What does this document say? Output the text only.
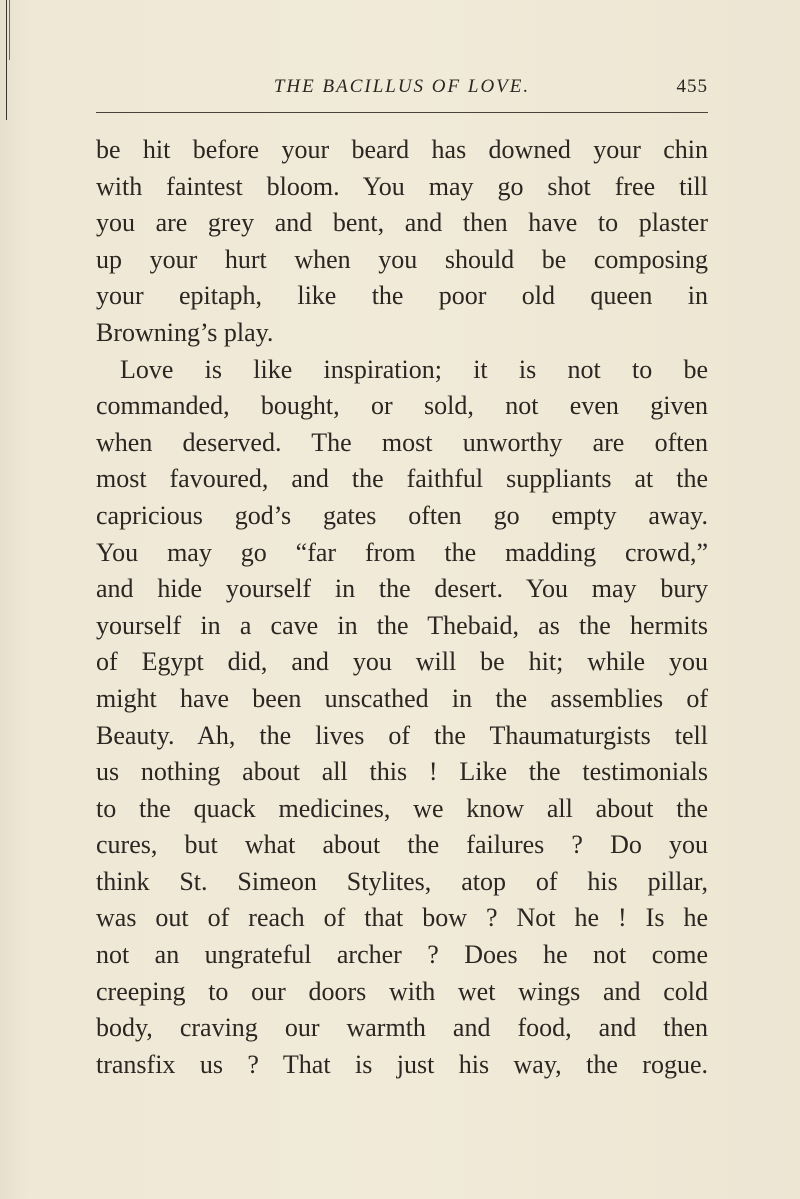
THE BACILLUS OF LOVE.	455
be hit before your beard has downed your chin
with faintest bloom. You may go shot free till
you are grey and bent, and then have to plaster
up your hurt when you should be composing
your epitaph, like the poor old queen in
Browning’s play.
Love is like inspiration; it is not to be
commanded, bought, or sold, not even given
when deserved. The most unworthy are often
most favoured, and the faithful suppliants at the
capricious god’s gates often go empty away.
You may go “far from the madding crowd,”
and hide yourself in the desert. You may bury
yourself in a cave in the Thebaid, as the hermits
of Egypt did, and you will be hit; while you
might have been unscathed in the assemblies of
Beauty. Ah, the lives of the Thaumaturgists tell
us nothing about all this ! Like the testimonials
to the quack medicines, we know all about the
cures, but what about the failures ? Do you
think St. Simeon Stylites, atop of his pillar,
was out of reach of that bow ? Not he ! Is he
not an ungrateful archer ? Does he not come
creeping to our doors with wet wings and cold
body, craving our warmth and food, and then
transfix us ? That is just his way, the rogue.
